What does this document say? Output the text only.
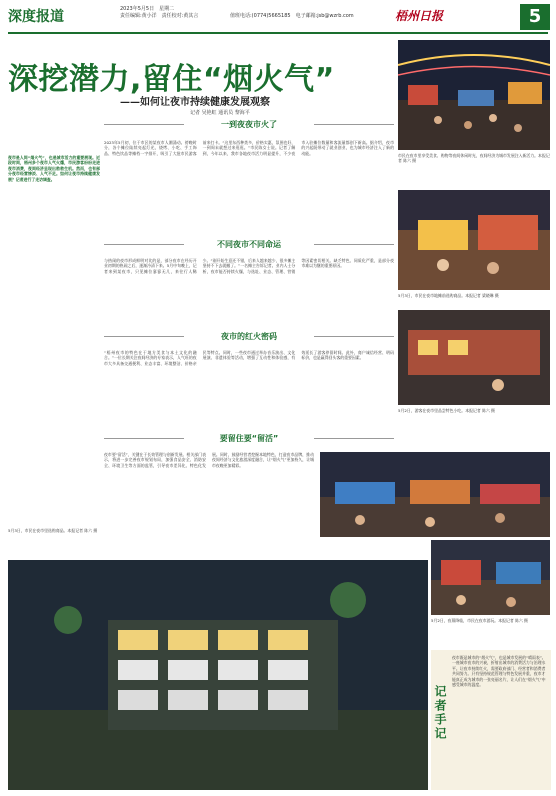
深度报道	2023年5月5日　星期二
责任编辑:黄小洋　责任校对:黄其言	值班电话:(0774)5665185　电子邮箱:jsb@wzrb.com	梧州日报	5
深挖潜力,留住“烟火气”
——如何让夜市持续健康发展观察
记者 吴艳虹 通讯员 黎海平
市民在夜市里享受美食、购物等夜间休闲时光，夜间经济为城市发展注入新活力。本报记者 陈六 摄
夜市是人间“烟火气”，也是城市活力的重要展现。近段时间，梧州多个夜市人气火爆，市民游客纷纷走进夜市消费，夜间经济呈现出勃勃生机。然而，也有部分夜市经营惨淡、人气不足。如何让夜市持续健康发展？记者进行了走访调查。
一到夜夜市火了
2023年5月初，位于市区的某夜市人潮涌动。傍晚时分，各个摊位陆续亮起灯光，烧烤、小吃、手工饰品、特色饮品等摊档一字排开，吸引了大批市民游客前来打卡。“这里东西种类多，价格实惠，氛围也好，一到周末就想过来逛逛。”市民陈女士说。记者了解到，今年以来，我市各地夜市活力明显提升，不少夜市入驻摊位数量和客流量都创下新高。据介绍，夜市的兴起既带动了就业创业，也为城市经济注入了新的动能。
不同夜市不同命运
与热闹的夜市形成鲜明对比的是，部分夜市在经历开业初期的热闹之后，逐渐冷清下来。5月中旬晚上，记者来到某夜市，只见摊位寥寥无几，来往行人稀少。“刚开始生意还不错，后来人越来越少，很多摊主坚持不下去就撤了。”一名摊主告诉记者。业内人士分析，夜市能否持续火爆，与选址、业态、管理、营销等因素密切相关。缺乏特色、同质化严重，是部分夜市难以为继的重要原因。
5月3日，市民在夜市地摊前选购商品。本报记者 梁晓琳 摄
夜市的红火密码
“梧州夜市的特色在于地方美食与本土文化的融合。”一位长期关注夜间经济的专家表示，人气旺的夜市大多具备交通便利、业态丰富、环境整洁、价格亲民等特点。同时，一些夜市通过举办音乐演出、文化展演、非遗体验等活动，增强了互动性和体验感，有效延长了游客停留时间。此外，商户诚信经营、明码标价，也是赢得回头客的重要因素。
5月2日，游客在夜市里品尝特色小吃。本报记者 陈六 摄
要留住要“留活”
夜市要“留活”，关键在于长效管理与创新发展。相关部门表示，将进一步完善夜市规划布局，加强食品安全、消防安全、环境卫生等方面的监管，引导夜市差异化、特色化发展。同时，鼓励经营者挖掘本地特色，打造夜市品牌，推动夜间经济与文化旅游深度融合，让“烟火气”更加持久，让城市夜晚更加精彩。
5月3日，市民在夜市里选购商品。本报记者 陈六 摄
5月2日，夜幕降临，市民在夜市游玩。本报记者 陈六 摄
记者手记
夜市既是城市的“烟火气”，也是城市发展的“晴雨表”。一座城市夜市的兴衰，折射出城市的消费活力与治理水平。让夜市持续红火，需要政府部门、经营者和消费者共同努力。只有坚持规范管理与特色发展并重，夜市才能真正成为城市的一张亮丽名片，让人们在“烟火气”中感受城市的温度。
